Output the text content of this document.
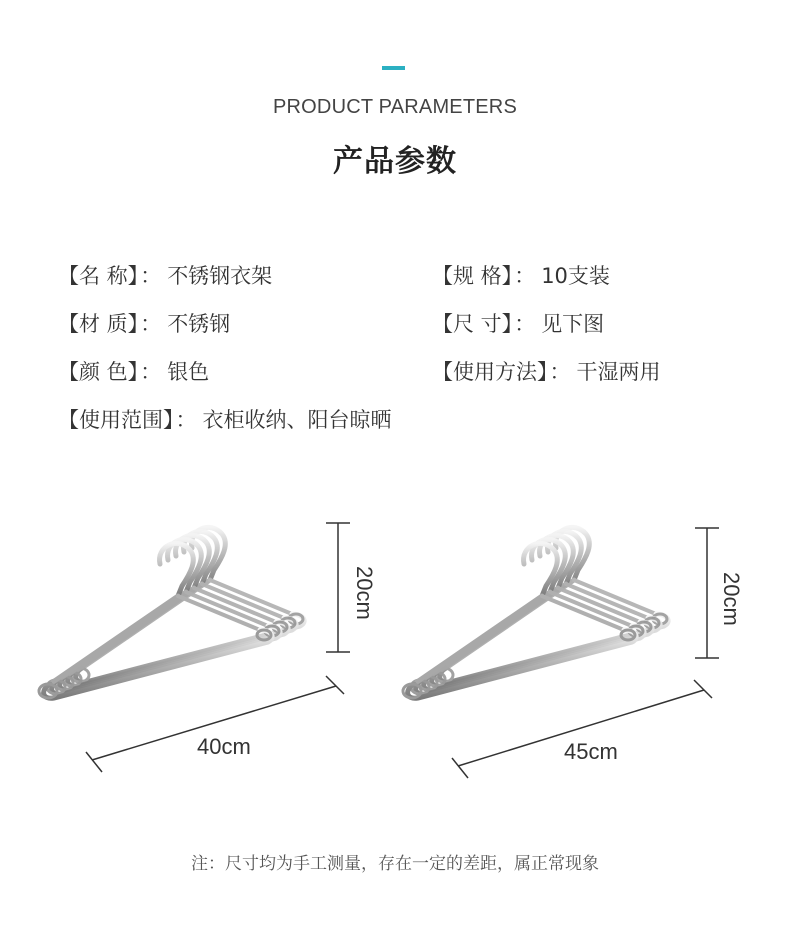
PRODUCT PARAMETERS
产品参数
【名 称】： 不锈钢衣架	【规 格】： 10支装
【材 质】： 不锈钢	【尺 寸】： 见下图
【颜 色】： 银色	【使用方法】： 干湿两用
【使用范围】： 衣柜收纳、阳台晾晒
20cm
40cm
20cm
45cm
注：尺寸均为手工测量，存在一定的差距，属正常现象
